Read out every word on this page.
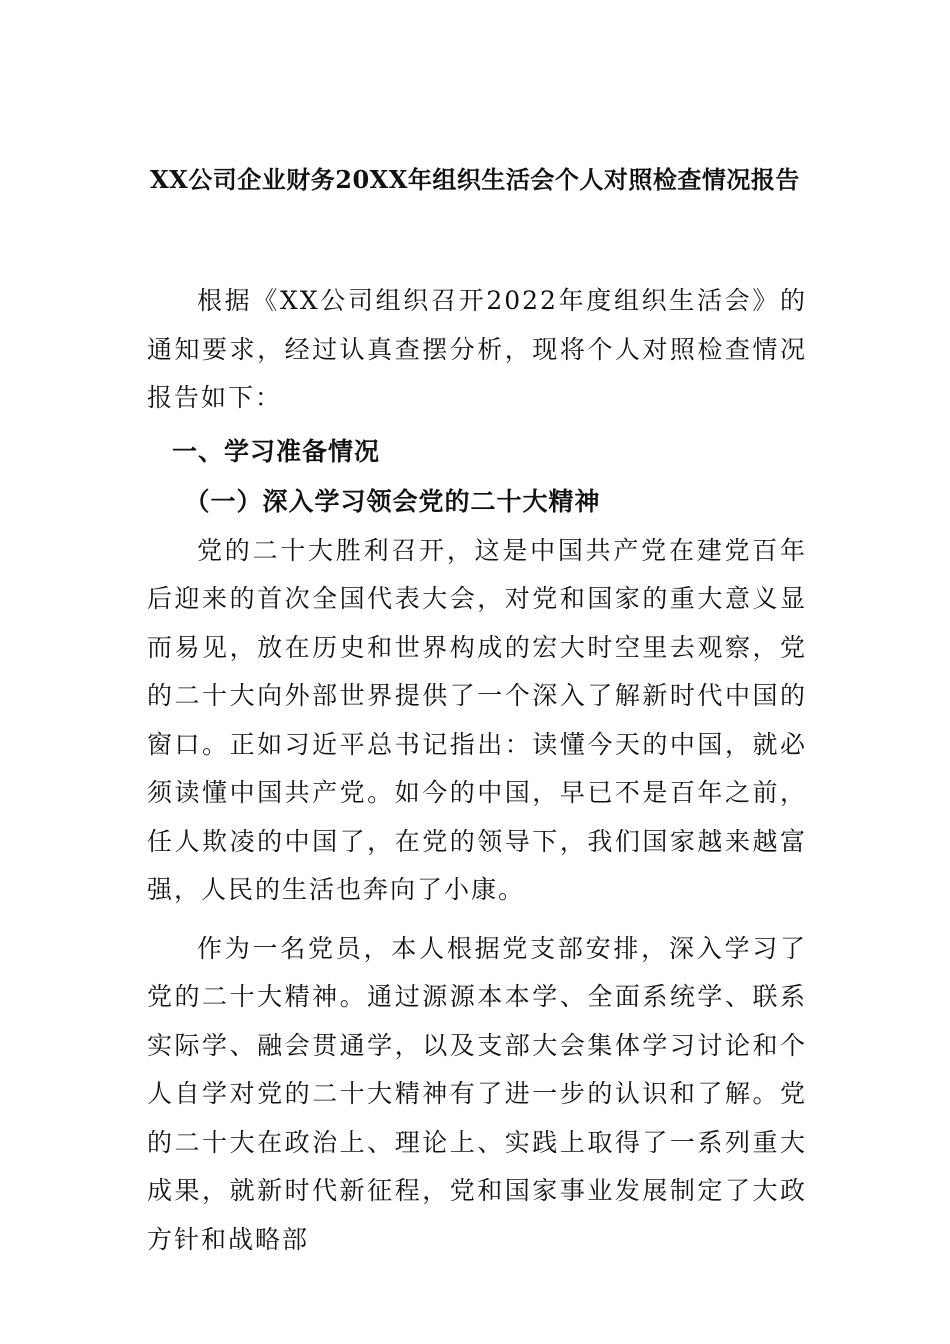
XX公司企业财务20XX年组织生活会个人对照检查情况报告

根据《XX公司组织召开2022年度组织生活会》的通知要求，经过认真查摆分析，现将个人对照检查情况报告如下：

一、学习准备情况

（一）深入学习领会党的二十大精神

党的二十大胜利召开，这是中国共产党在建党百年后迎来的首次全国代表大会，对党和国家的重大意义显而易见，放在历史和世界构成的宏大时空里去观察，党的二十大向外部世界提供了一个深入了解新时代中国的窗口。正如习近平总书记指出：读懂今天的中国，就必须读懂中国共产党。如今的中国，早已不是百年之前，任人欺凌的中国了，在党的领导下，我们国家越来越富强，人民的生活也奔向了小康。

作为一名党员，本人根据党支部安排，深入学习了党的二十大精神。通过源源本本学、全面系统学、联系实际学、融会贯通学，以及支部大会集体学习讨论和个人自学对党的二十大精神有了进一步的认识和了解。党的二十大在政治上、理论上、实践上取得了一系列重大成果，就新时代新征程，党和国家事业发展制定了大政方针和战略部
